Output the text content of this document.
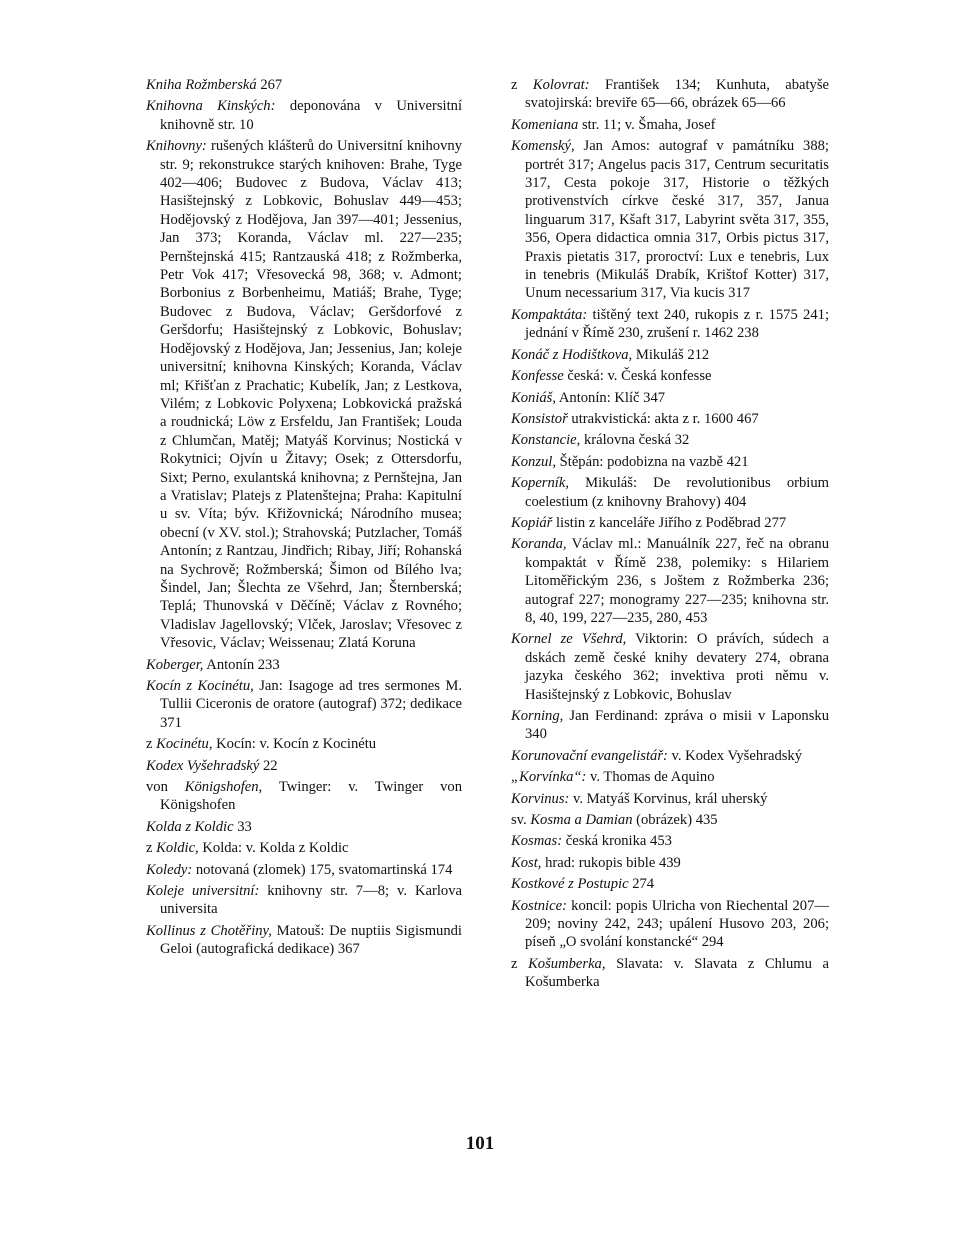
Kniha Rožmberská 267

Knihovna Kinských: deponována v Universitní knihovně str. 10

Knihovny: rušených klášterů do Universitní knihovny str. 9; rekonstrukce starých knihoven: Brahe, Tyge 402—406; Budovec z Budova, Václav 413; Hasištejnský z Lobkovic, Bohuslav 449—453; Hodějovský z Hodějova, Jan 397—401; Jessenius, Jan 373; Koranda, Václav ml. 227—235; Pernštejnská 415; Rantzauská 418; z Rožmberka, Petr Vok 417; Vřesovecká 98, 368; v. Admont; Borbonius z Borbenheimu, Matiáš; Brahe, Tyge; Budovec z Budova, Václav; Geršdorfové z Geršdorfu; Hasištejnský z Lobkovic, Bohuslav; Hodějovský z Hodějova, Jan; Jessenius, Jan; koleje universitní; knihovna Kinských; Koranda, Václav ml; Křišťan z Prachatic; Kubelík, Jan; z Lestkova, Vilém; z Lobkovic Polyxena; Lobkovická pražská a roudnická; Löw z Ersfeldu, Jan František; Louda z Chlumčan, Matěj; Matyáš Korvinus; Nostická v Rokytnici; Ojvín u Žitavy; Osek; z Ottersdorfu, Sixt; Perno, exulantská knihovna; z Pernštejna, Jan a Vratislav; Platejs z Platenštejna; Praha: Kapitulní u sv. Víta; býv. Křižovnická; Národního musea; obecní (v XV. stol.); Strahovská; Putzlacher, Tomáš Antonín; z Rantzau, Jindřich; Ribay, Jiří; Rohanská na Sychrově; Rožmberská; Šimon od Bílého lva; Šindel, Jan; Šlechta ze Všehrd, Jan; Šternberská; Teplá; Thunovská v Děčíně; Václav z Rovného; Vladislav Jagellovský; Vlček, Jaroslav; Vřesovec z Vřesovic, Václav; Weissenau; Zlatá Koruna

Koberger, Antonín 233

Kocín z Kocinétu, Jan: Isagoge ad tres sermones M. Tullii Ciceronis de oratore (autograf) 372; dedikace 371

z Kocinétu, Kocín: v. Kocín z Kocinétu

Kodex Vyšehradský 22

von Königshofen, Twinger: v. Twinger von Königshofen

Kolda z Koldic 33

z Koldic, Kolda: v. Kolda z Koldic

Koledy: notovaná (zlomek) 175, svatomartinská 174

Koleje universitní: knihovny str. 7—8; v. Karlova universita

Kollinus z Chotěřiny, Matouš: De nuptiis Sigismundi Geloi (autografická dedikace) 367

z Kolovrat: František 134; Kunhuta, abatyše svatojirská: breviře 65—66, obrázek 65—66

Komeniana str. 11; v. Šmaha, Josef

Komenský, Jan Amos: autograf v památníku 388; portrét 317; Angelus pacis 317, Centrum securitatis 317, Cesta pokoje 317, Historie o těžkých protivenstvích církve české 317, 357, Janua linguarum 317, Kšaft 317, Labyrint světa 317, 355, 356, Opera didactica omnia 317, Orbis pictus 317, Praxis pietatis 317, proroctví: Lux e tenebris, Lux in tenebris (Mikuláš Drabík, Krištof Kotter) 317, Unum necessarium 317, Via kucis 317

Kompaktáta: tištěný text 240, rukopis z r. 1575 241; jednání v Římě 230, zrušení r. 1462 238

Konáč z Hodištkova, Mikuláš 212

Konfesse česká: v. Česká konfesse

Koniáš, Antonín: Klíč 347

Konsistoř utrakvistická: akta z r. 1600 467

Konstancie, královna česká 32

Konzul, Štěpán: podobizna na vazbě 421

Koperník, Mikuláš: De revolutionibus orbium coelestium (z knihovny Brahovy) 404

Kopiář listin z kanceláře Jiřího z Poděbrad 277

Koranda, Václav ml.: Manuálník 227, řeč na obranu kompaktát v Římě 238, polemiky: s Hilariem Litoměřickým 236, s Joštem z Rožmberka 236; autograf 227; monogramy 227—235; knihovna str. 8, 40, 199, 227—235, 280, 453

Kornel ze Všehrd, Viktorin: O právích, súdech a dskách země české knihy devatery 274, obrana jazyka českého 362; invektiva proti němu v. Hasištejnský z Lobkovic, Bohuslav

Korning, Jan Ferdinand: zpráva o misii v Laponsku 340

Korunovační evangelistář: v. Kodex Vyšehradský

„Korvínka“: v. Thomas de Aquino

Korvinus: v. Matyáš Korvinus, král uherský

sv. Kosma a Damian (obrázek) 435

Kosmas: česká kronika 453

Kost, hrad: rukopis bible 439

Kostkové z Postupic 274

Kostnice: koncil: popis Ulricha von Riechental 207—209; noviny 242, 243; upálení Husovo 203, 206; píseň „O svolání konstancké“ 294

z Košumberka, Slavata: v. Slavata z Chlumu a Košumberka

101
